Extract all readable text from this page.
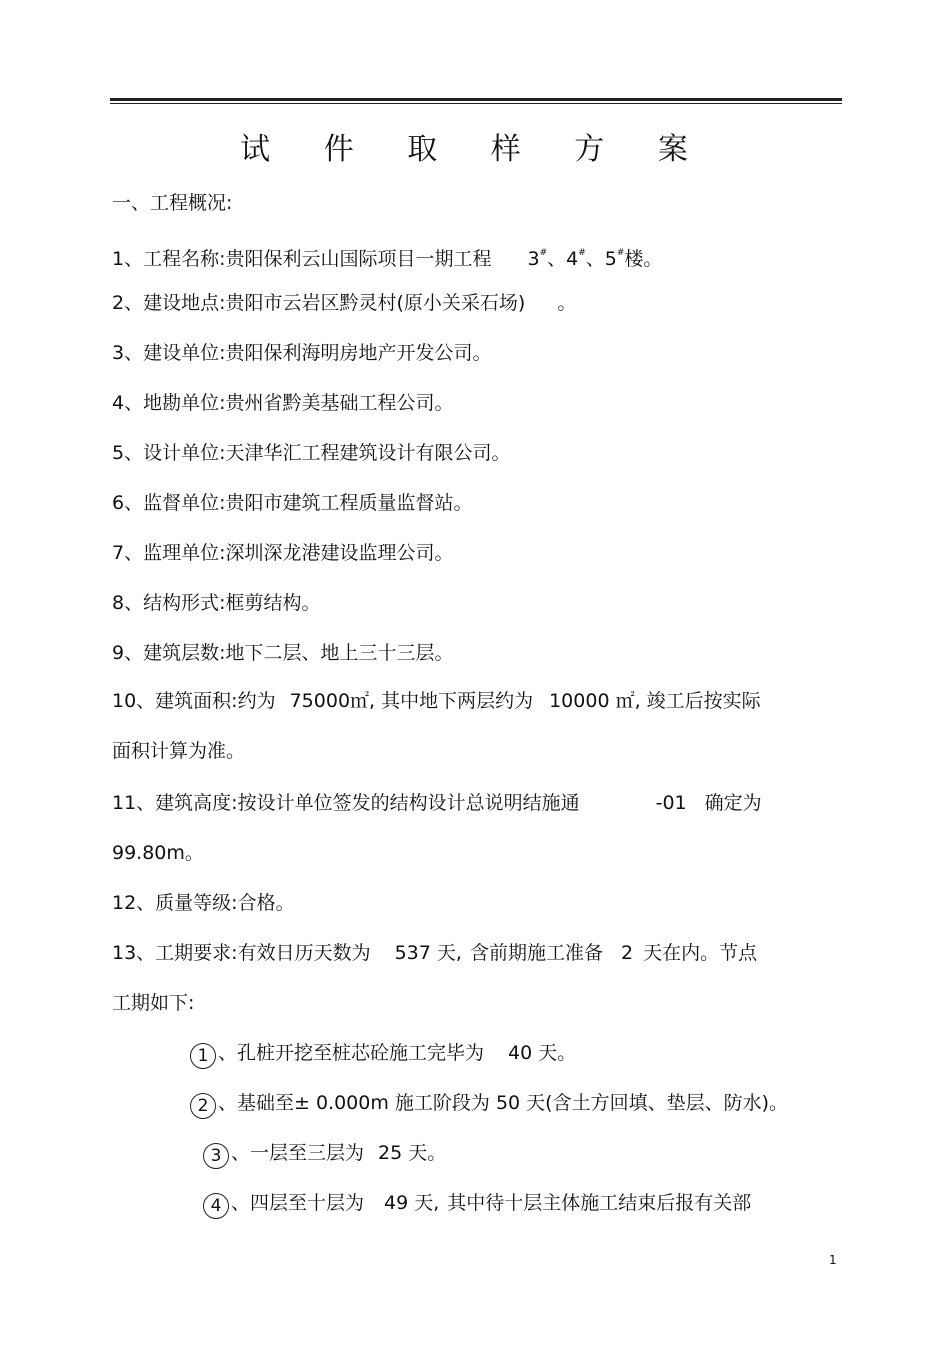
试 件 取 样 方 案
一、工程概况:
1、工程名称:贵阳保利云山国际项目一期工程 3#、4#、5#楼。
2、建设地点:贵阳市云岩区黔灵村(原小关采石场) 。
3、建设单位:贵阳保利海明房地产开发公司。
4、地勘单位:贵州省黔美基础工程公司。
5、设计单位:天津华汇工程建筑设计有限公司。
6、监督单位:贵阳市建筑工程质量监督站。
7、监理单位:深圳深龙港建设监理公司。
8、结构形式:框剪结构。
9、建筑层数:地下二层、地上三十三层。
10、建筑面积:约为 75000㎡, 其中地下两层约为 10000 ㎡, 竣工后按实际
面积计算为准。
11、建筑高度:按设计单位签发的结构设计总说明结施通	-01 确定为
99.80m。
12、质量等级:合格。
13、工期要求:有效日历天数为 537 天, 含前期施工准备 2 天在内。节点
工期如下:
1 、孔桩开挖至桩芯砼施工完毕为 40 天。
2 、基础至± 0.000m 施工阶段为 50 天(含土方回填、垫层、防水)。
3 、一层至三层为 25 天。
4 、四层至十层为 49 天, 其中待十层主体施工结束后报有关部
1
